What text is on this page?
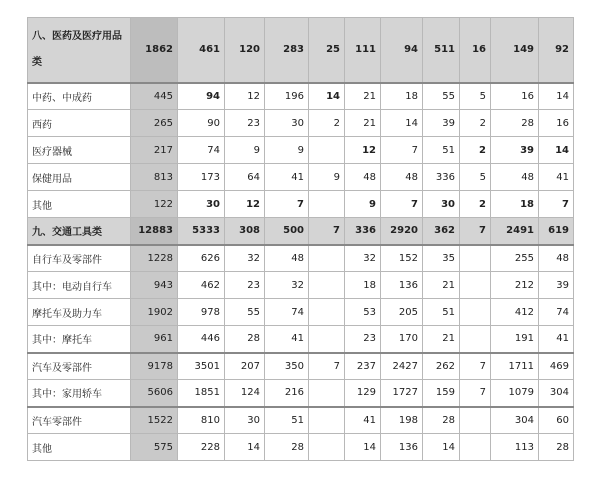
八、医药及医疗用品类	1862	461	120	283	25	111	94	511	16	149	92
中药、中成药	445	94	12	196	14	21	18	55	5	16	14
西药	265	90	23	30	2	21	14	39	2	28	16
医疗器械	217	74	9	9		12	7	51	2	39	14
保健用品	813	173	64	41	9	48	48	336	5	48	41
其他	122	30	12	7		9	7	30	2	18	7
九、交通工具类	12883	5333	308	500	7	336	2920	362	7	2491	619
自行车及零部件	1228	626	32	48		32	152	35		255	48
其中：电动自行车	943	462	23	32		18	136	21		212	39
摩托车及助力车	1902	978	55	74		53	205	51		412	74
其中：摩托车	961	446	28	41		23	170	21		191	41
汽车及零部件	9178	3501	207	350	7	237	2427	262	7	1711	469
其中：家用轿车	5606	1851	124	216		129	1727	159	7	1079	304
汽车零部件	1522	810	30	51		41	198	28		304	60
其他	575	228	14	28		14	136	14		113	28
